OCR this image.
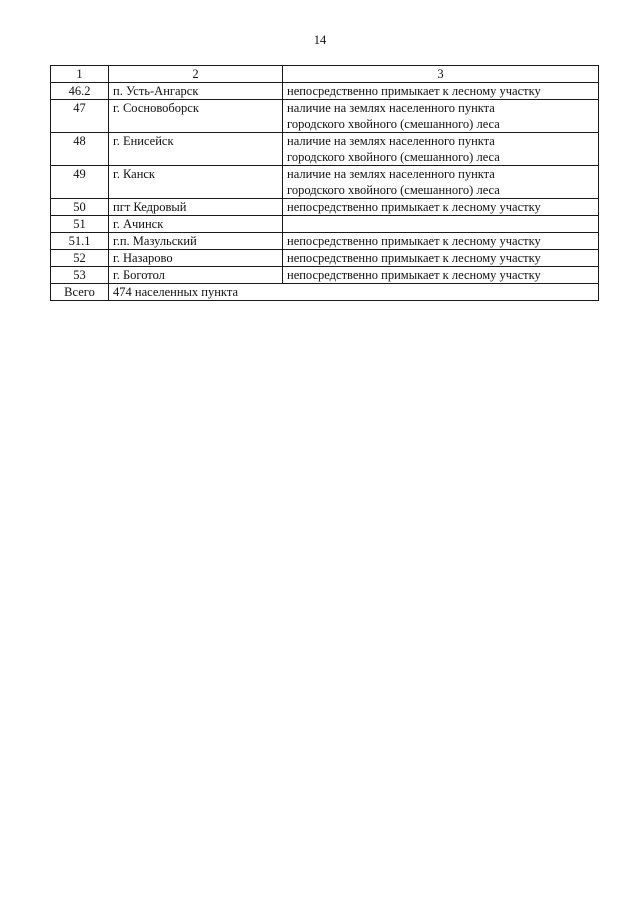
14
1	2	3
46.2	п. Усть-Ангарск	непосредственно примыкает к лесному участку

47	г. Сосновоборск	наличие на землях населенного пункта
городского хвойного (смешанного) леса

48	г. Енисейск	наличие на землях населенного пункта
городского хвойного (смешанного) леса

49	г. Канск	наличие на землях населенного пункта
городского хвойного (смешанного) леса

50	пгт Кедровый	непосредственно примыкает к лесному участку

51	г. Ачинск	

51.1	г.п. Мазульский	непосредственно примыкает к лесному участку

52	г. Назарово	непосредственно примыкает к лесному участку

53	г. Боготол	непосредственно примыкает к лесному участку

Всего	474 населенных пункта	
